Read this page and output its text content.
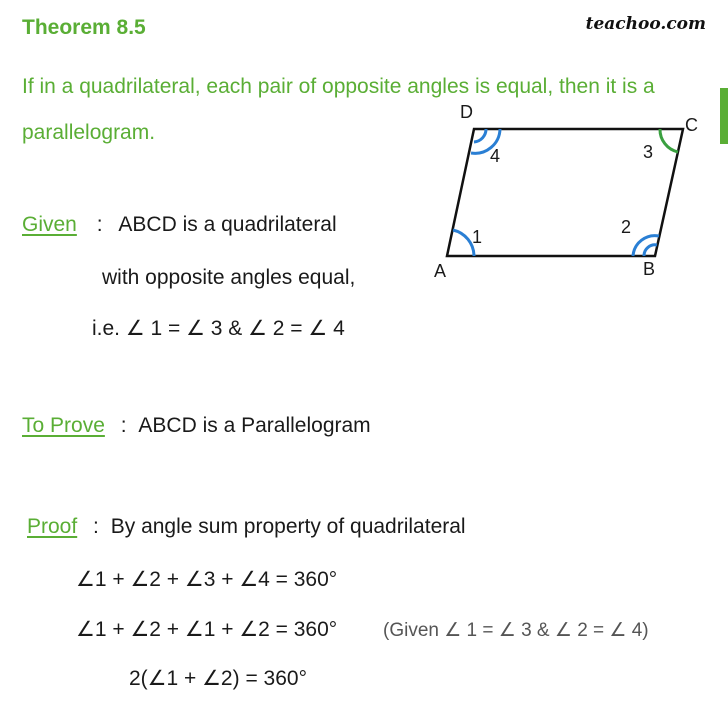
Theorem 8.5	teachoo.com
If in a quadrilateral, each pair of opposite angles is equal, then it is a parallelogram.
A	B
C
D
1	2
3
4
Given : ABCD is a quadrilateral
with opposite angles equal,
i.e. ∠ 1 = ∠ 3 & ∠ 2 = ∠ 4
To Prove : ABCD is a Parallelogram
Proof : By angle sum property of quadrilateral
∠1 + ∠2 + ∠3 + ∠4 = 360°
∠1 + ∠2 + ∠1 + ∠2 = 360° (Given ∠ 1 = ∠ 3 & ∠ 2 = ∠ 4)
2(∠1 + ∠2) = 360°
